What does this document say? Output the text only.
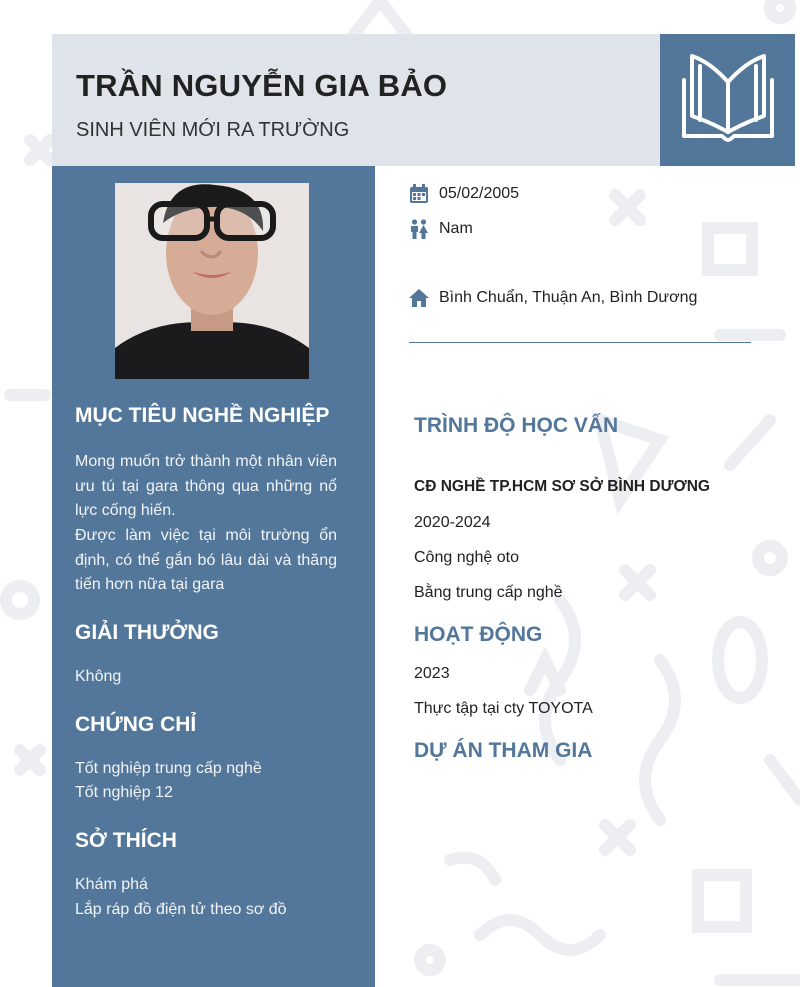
TRẦN NGUYỄN GIA BẢO
SINH VIÊN MỚI RA TRƯỜNG
MỤC TIÊU NGHỀ NGHIỆP
Mong muốn trở thành một nhân viên ưu tú tại gara thông qua những nổ lực cống hiến.
Được làm việc tại môi trường ổn định, có thể gắn bó lâu dài và thăng tiến hơn nữa tại gara
GIẢI THƯỞNG
Không
CHỨNG CHỈ
Tốt nghiệp trung cấp nghề
Tốt nghiệp 12
SỞ THÍCH
Khám phá
Lắp ráp đồ điện tử theo sơ đồ
05/02/2005
Nam
Bình Chuẩn, Thuận An, Bình Dương
TRÌNH ĐỘ HỌC VẤN
CĐ NGHỀ TP.HCM SƠ SỞ BÌNH DƯƠNG
2020-2024
Công nghệ oto
Bằng trung cấp nghề
HOẠT ĐỘNG
2023
Thực tập tại cty TOYOTA
DỰ ÁN THAM GIA
